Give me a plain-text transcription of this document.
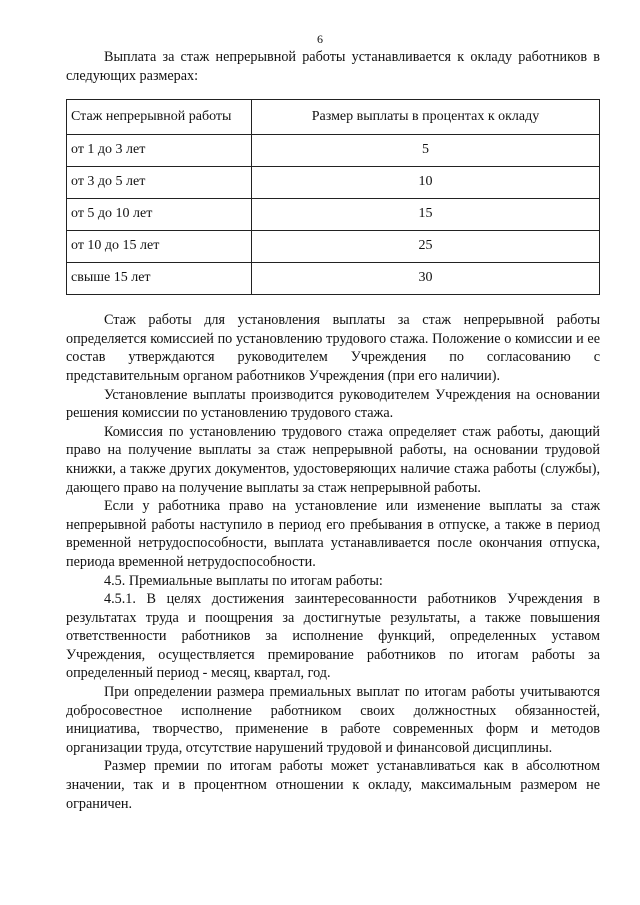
6

Выплата за стаж непрерывной работы устанавливается к окладу работников в следующих размерах:

Стаж непрерывной работы	Размер выплаты в процентах к окладу
от 1 до 3 лет	5
от 3 до 5 лет	10
от 5 до 10 лет	15
от 10 до 15 лет	25
свыше 15 лет	30

Стаж работы для установления выплаты за стаж непрерывной работы определяется комиссией по установлению трудового стажа. Положение о комиссии и ее состав утверждаются руководителем Учреждения по согласованию с представительным органом работников Учреждения (при его наличии).

Установление выплаты производится руководителем Учреждения на основании решения комиссии по установлению трудового стажа.

Комиссия по установлению трудового стажа определяет стаж работы, дающий право на получение выплаты за стаж непрерывной работы, на основании трудовой книжки, а также других документов, удостоверяющих наличие стажа работы (службы), дающего право на получение выплаты за стаж непрерывной работы.

Если у работника право на установление или изменение выплаты за стаж непрерывной работы наступило в период его пребывания в отпуске, а также в период временной нетрудоспособности, выплата устанавливается после окончания отпуска, периода временной нетрудоспособности.

4.5. Премиальные выплаты по итогам работы:

4.5.1. В целях достижения заинтересованности работников Учреждения в результатах труда и поощрения за достигнутые результаты, а также повышения ответственности работников за исполнение функций, определенных уставом Учреждения, осуществляется премирование работников по итогам работы за определенный период - месяц, квартал, год.

При определении размера премиальных выплат по итогам работы учитываются добросовестное исполнение работником своих должностных обязанностей, инициатива, творчество, применение в работе современных форм и методов организации труда, отсутствие нарушений трудовой и финансовой дисциплины.

Размер премии по итогам работы может устанавливаться как в абсолютном значении, так и в процентном отношении к окладу, максимальным размером не ограничен.
